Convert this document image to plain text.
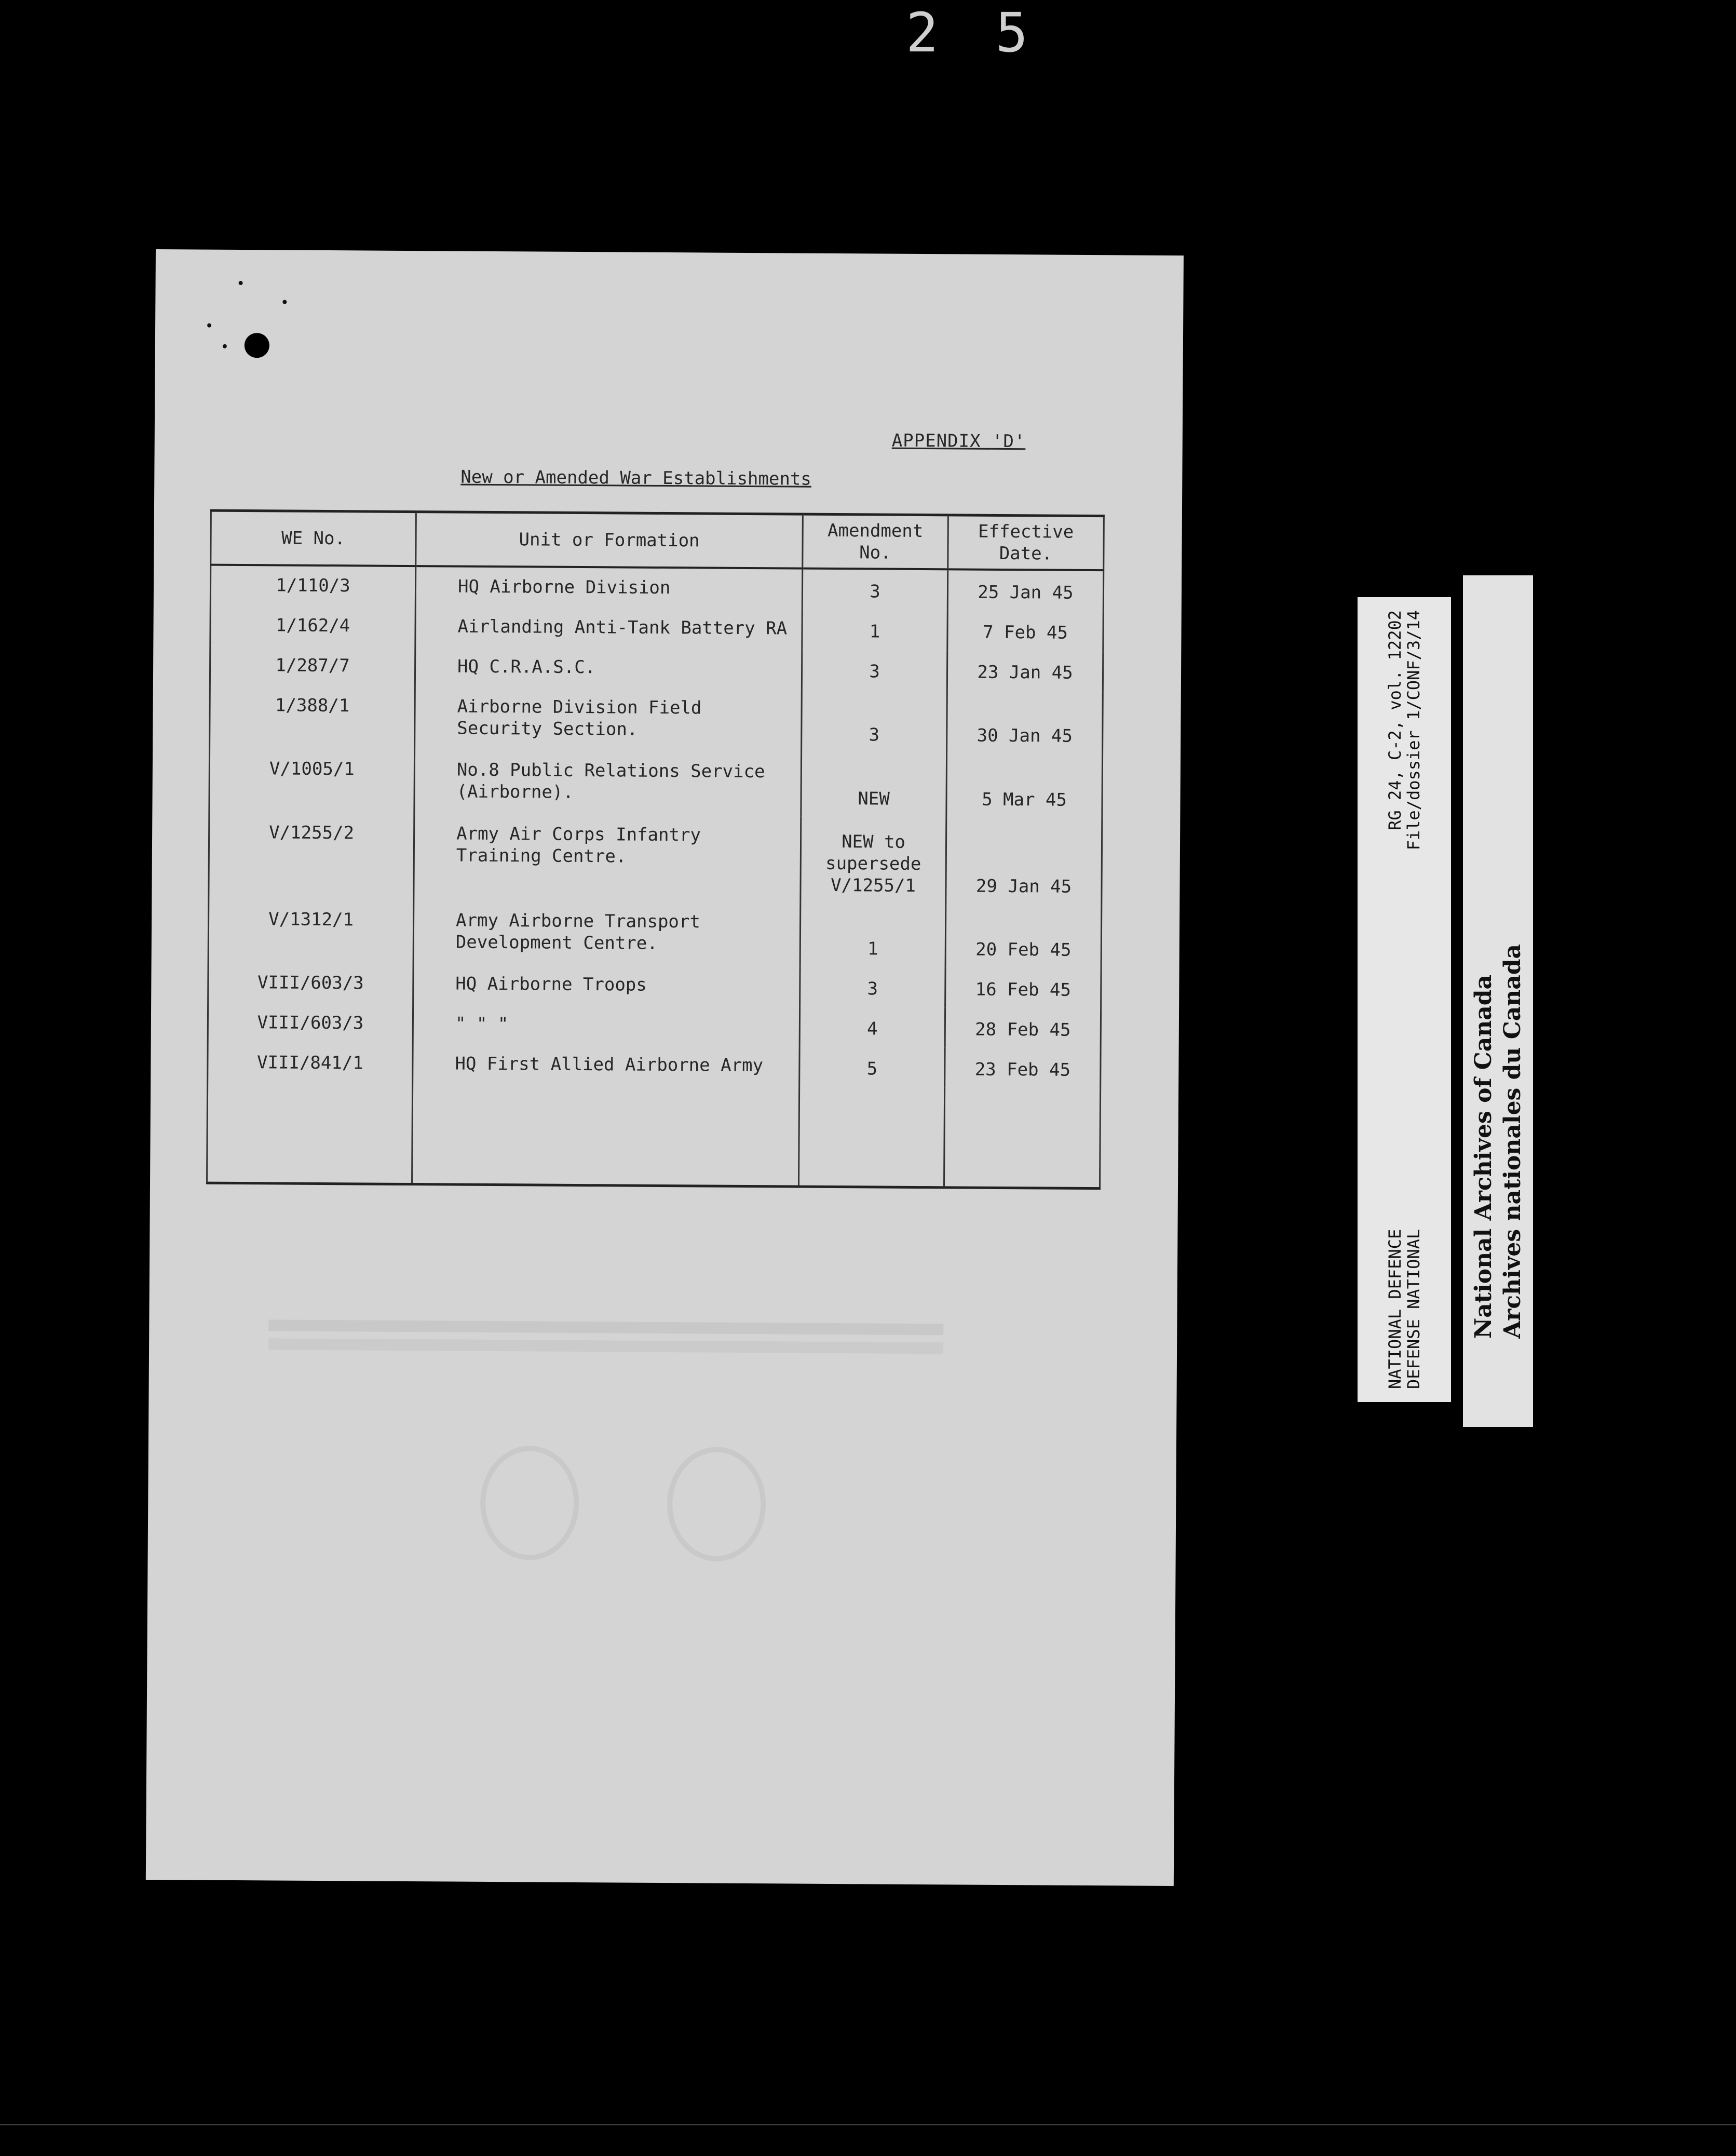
25
APPENDIX 'D'
New or Amended War Establishments
WE No.	Unit or Formation	Amendment No.	Effective Date.
1/110/3	HQ Airborne Division	3	25 Jan 45
1/162/4	Airlanding Anti-Tank Battery RA	1	7 Feb 45
1/287/7	HQ C.R.A.S.C.	3	23 Jan 45
1/388/1	Airborne Division Field Security Section.	3	30 Jan 45
V/1005/1	No.8 Public Relations Service (Airborne).	NEW	5 Mar 45
V/1255/2	Army Air Corps Infantry Training Centre.	NEW to supersede V/1255/1	29 Jan 45
V/1312/1	Army Airborne Transport Development Centre.	1	20 Feb 45
VIII/603/3	HQ Airborne Troops	3	16 Feb 45
VIII/603/3	" " "	4	28 Feb 45
VIII/841/1	HQ First Allied Airborne Army	5	23 Feb 45

NATIONAL DEFENCE
RG 24, C-2, vol. 12202
DEFENSE NATIONAL
File/dossier 1/CONF/3/14
National Archives of Canada Archives nationales du Canada
